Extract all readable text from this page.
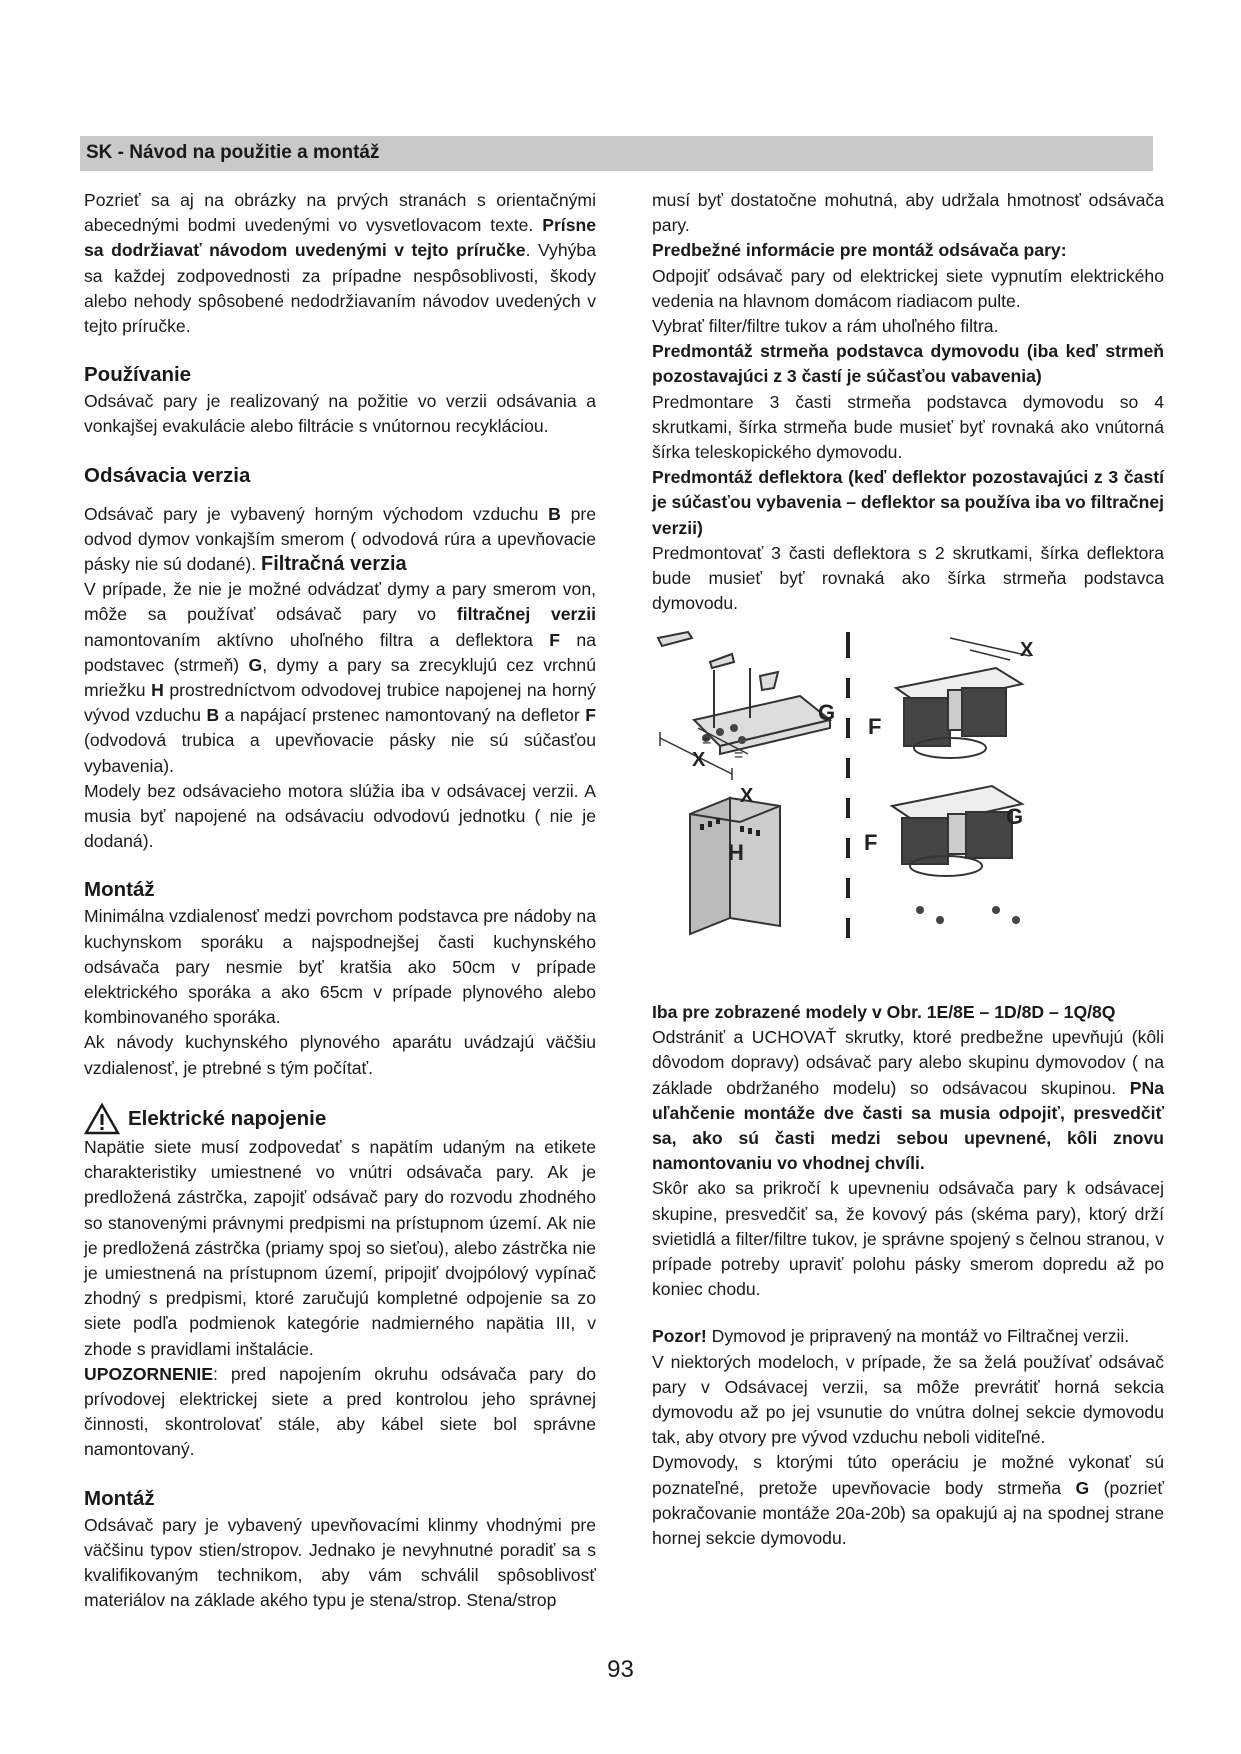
SK - Návod na použitie a montáž

Pozrieť sa aj na obrázky na prvých stranách s orientačnými abecednými bodmi uvedenými vo vysvetlovacom texte. Prísne sa dodržiavať návodom uvedenými v tejto príručke. Vyhýba sa každej zodpovednosti za prípadne nespôsoblivosti, škody alebo nehody spôsobené nedodržiavaním návodov uvedených v tejto príručke.

Používanie

Odsávač pary je realizovaný na požitie vo verzii odsávania a vonkajšej evakulácie alebo filtrácie s vnútornou recykláciou.

Odsávacia verzia

Odsávač pary je vybavený horným východom vzduchu B pre odvod dymov vonkajším smerom ( odvodová rúra a upevňovacie pásky nie sú dodané). Filtračná verzia

V prípade, že nie je možné odvádzať dymy a pary smerom von, môže sa používať odsávač pary vo filtračnej verzii namontovaním aktívno uhoľného filtra a deflektora F na podstavec (strmeň) G, dymy a pary sa zrecyklujú cez vrchnú mriežku H prostredníctvom odvodovej trubice napojenej na horný vývod vzduchu B a napájací prstenec namontovaný na defletor F (odvodová trubica a upevňovacie pásky nie sú súčasťou vybavenia).

Modely bez odsávacieho motora slúžia iba v odsávacej verzii. A musia byť napojené na odsávaciu odvodovú jednotku ( nie je dodaná).

Montáž

Minimálna vzdialenosť medzi povrchom podstavca pre nádoby na kuchynskom sporáku a najspodnejšej časti kuchynského odsávača pary nesmie byť kratšia ako 50cm v prípade elektrického sporáka a ako 65cm v prípade plynového alebo kombinovaného sporáka.

Ak návody kuchynského plynového aparátu uvádzajú väčšiu vzdialenosť, je ptrebné s tým počítať.

Elektrické napojenie

Napätie siete musí zodpovedať s napätím udaným na etikete charakteristiky umiestnené vo vnútri odsávača pary. Ak je predložená zástrčka, zapojiť odsávač pary do rozvodu zhodného so stanovenými právnymi predpismi na prístupnom území. Ak nie je predložená zástrčka (priamy spoj so sieťou), alebo zástrčka nie je umiestnená na prístupnom území, pripojiť dvojpólový vypínač zhodný s predpismi, ktoré zaručujú kompletné odpojenie sa zo siete podľa podmienok kategórie nadmierného napätia III, v zhode s pravidlami inštalácie.

UPOZORNENIE: pred napojením okruhu odsávača pary do prívodovej elektrickej siete a pred kontrolou jeho správnej činnosti, skontrolovať stále, aby kábel siete bol správne namontovaný.

Montáž

Odsávač pary je vybavený upevňovacími klinmy vhodnými pre väčšinu typov stien/stropov. Jednako je nevyhnutné poradiť sa s kvalifikovaným technikom, aby vám schválil spôsoblivosť materiálov na základe akého typu je stena/strop. Stena/strop

musí byť dostatočne mohutná, aby udržala hmotnosť odsávača pary.

Predbežné informácie pre montáž odsávača pary:

Odpojiť odsávač pary od elektrickej siete vypnutím elektrického vedenia na hlavnom domácom riadiacom pulte.

Vybrať filter/filtre tukov a rám uhoľného filtra.

Predmontáž strmeňa podstavca dymovodu (iba keď strmeň pozostavajúci z 3 častí je súčasťou vabavenia)

Predmontare 3 časti strmeňa podstavca dymovodu so 4 skrutkami, šírka strmeňa bude musieť byť rovnaká ako vnútorná šírka teleskopického dymovodu.

Predmontáž deflektora (keď deflektor pozostavajúci z 3 častí je súčasťou vybavenia – deflektor sa používa iba vo filtračnej verzii)

Predmontovať 3 časti deflektora s 2 skrutkami, šírka deflektora bude musieť byť rovnaká ako šírka strmeňa podstavca dymovodu.

X
=
=
G
X
F
X
H
G
F

Iba pre zobrazené modely v Obr. 1E/8E – 1D/8D – 1Q/8Q

Odstrániť a UCHOVAŤ skrutky, ktoré predbežne upevňujú (kôli dôvodom dopravy) odsávač pary alebo skupinu dymovodov ( na základe obdržaného modelu) so odsávacou skupinou. PNa uľahčenie montáže dve časti sa musia odpojiť, presvedčiť sa, ako sú časti medzi sebou upevnené, kôli znovu namontovaniu vo vhodnej chvíli.

Skôr ako sa prikročí k upevneniu odsávača pary k odsávacej skupine, presvedčiť sa, že kovový pás (skéma pary), ktorý drží svietidlá a filter/filtre tukov, je správne spojený s čelnou stranou, v prípade potreby upraviť polohu pásky smerom dopredu až po koniec chodu.

Pozor! Dymovod je pripravený na montáž vo Filtračnej verzii.

V niektorých modeloch, v prípade, že sa želá používať odsávač pary v Odsávacej verzii, sa môže prevrátiť horná sekcia dymovodu až po jej vsunutie do vnútra dolnej sekcie dymovodu tak, aby otvory pre vývod vzduchu neboli viditeľné.

Dymovody, s ktorými túto operáciu je možné vykonať sú poznateľné, pretože upevňovacie body strmeňa G (pozrieť pokračovanie montáže 20a-20b) sa opakujú aj na spodnej strane hornej sekcie dymovodu.

93
